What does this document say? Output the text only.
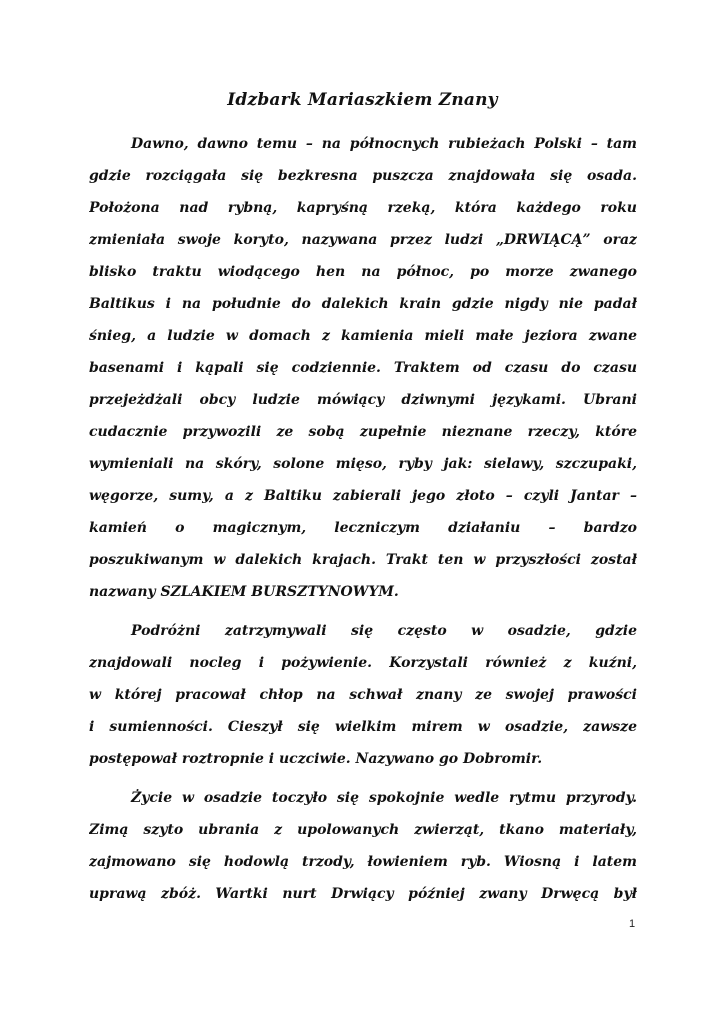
Idzbark Mariaszkiem Znany
Dawno, dawno temu – na północnych rubieżach Polski – tam
gdzie rozciągała się bezkresna puszcza znajdowała się osada.
Położona nad rybną, kapryśną rzeką, która każdego roku
zmieniała swoje koryto, nazywana przez ludzi „DRWIĄCĄ” oraz
blisko traktu wiodącego hen na północ, po morze zwanego
Baltikus i na południe do dalekich krain gdzie nigdy nie padał
śnieg, a ludzie w domach z kamienia mieli małe jeziora zwane
basenami i kąpali się codziennie. Traktem od czasu do czasu
przejeżdżali obcy ludzie mówiący dziwnymi językami. Ubrani
cudacznie przywozili ze sobą zupełnie nieznane rzeczy, które
wymieniali na skóry, solone mięso, ryby jak: sielawy, szczupaki,
węgorze, sumy, a z Baltiku zabierali jego złoto – czyli Jantar –
kamień o magicznym, leczniczym działaniu – bardzo
poszukiwanym w dalekich krajach. Trakt ten w przyszłości został
nazwany SZLAKIEM BURSZTYNOWYM.
Podróżni zatrzymywali się często w osadzie, gdzie
znajdowali nocleg i pożywienie. Korzystali również z kuźni,
w której pracował chłop na schwał znany ze swojej prawości
i sumienności. Cieszył się wielkim mirem w osadzie, zawsze
postępował roztropnie i uczciwie. Nazywano go Dobromir.
Życie w osadzie toczyło się spokojnie wedle rytmu przyrody.
Zimą szyto ubrania z upolowanych zwierząt, tkano materiały,
zajmowano się hodowlą trzody, łowieniem ryb. Wiosną i latem
uprawą zbóż. Wartki nurt Drwiący później zwany Drwęcą był
1
